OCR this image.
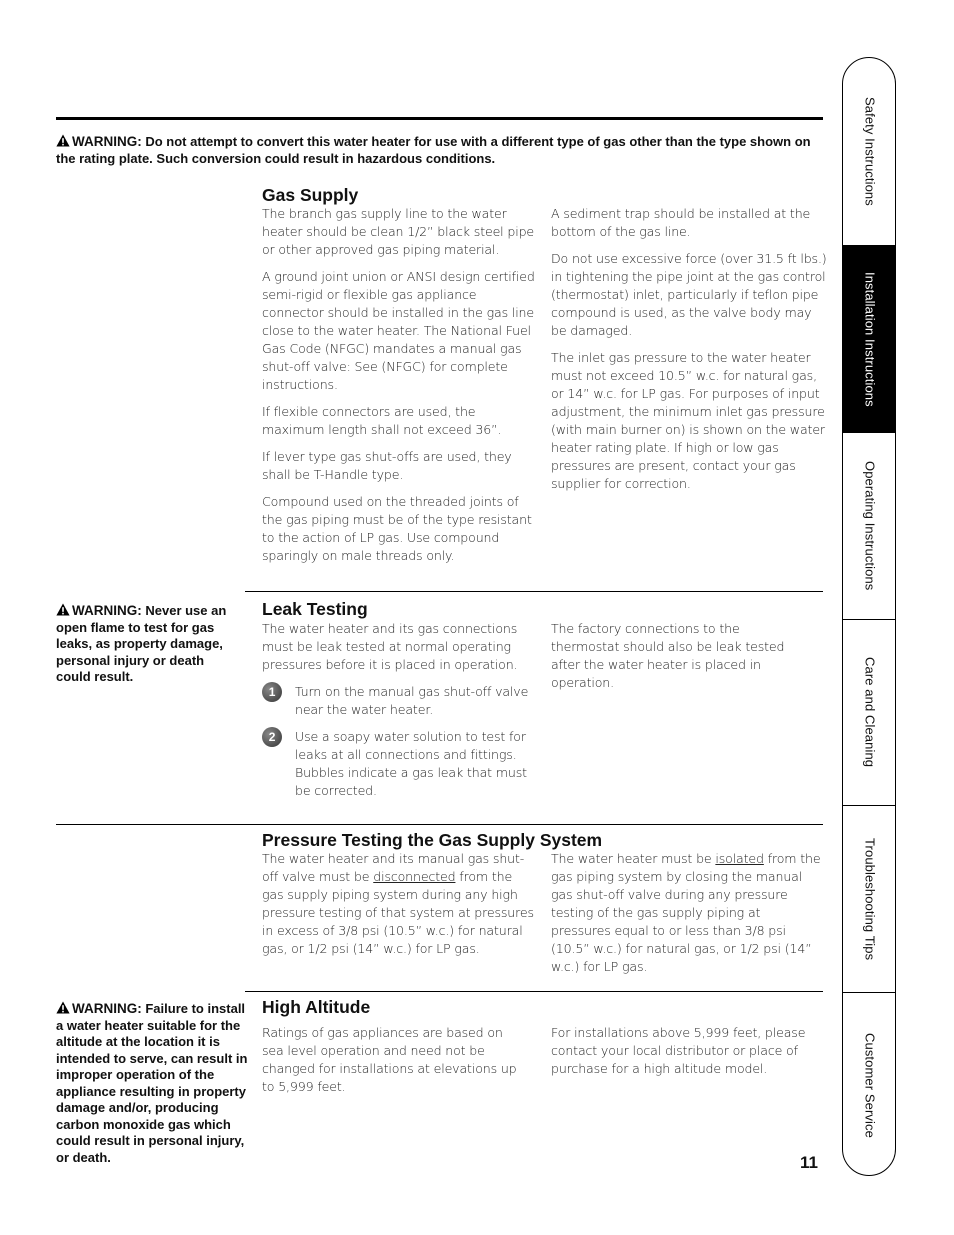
WARNING: Do not attempt to convert this water heater for use with a different type of gas other than the type shown on the rating plate. Such conversion could result in hazardous conditions.
Gas Supply

The branch gas supply line to the water heater should be clean 1/2” black steel pipe or other approved gas piping material.

A ground joint union or ANSI design certified semi-rigid or flexible gas appliance connector should be installed in the gas line close to the water heater. The National Fuel Gas Code (NFGC) mandates a manual gas shut-off valve: See (NFGC) for complete instructions.

If flexible connectors are used, the maximum length shall not exceed 36”.

If lever type gas shut-offs are used, they shall be T-Handle type.

Compound used on the threaded joints of the gas piping must be of the type resistant to the action of LP gas. Use compound sparingly on male threads only.

A sediment trap should be installed at the bottom of the gas line.

Do not use excessive force (over 31.5 ft lbs.) in tightening the pipe joint at the gas control (thermostat) inlet, particularly if teflon pipe compound is used, as the valve body may be damaged.

The inlet gas pressure to the water heater must not exceed 10.5” w.c. for natural gas, or 14” w.c. for LP gas. For purposes of input adjustment, the minimum inlet gas pressure (with main burner on) is shown on the water heater rating plate. If high or low gas pressures are present, contact your gas supplier for correction.

WARNING: Never use an open flame to test for gas leaks, as property damage, personal injury or death could result.
Leak Testing

The water heater and its gas connections must be leak tested at normal operating pressures before it is placed in operation.

1	Turn on the manual gas shut-off valve near the water heater.
2	Use a soapy water solution to test for leaks at all connections and fittings. Bubbles indicate a gas leak that must be corrected.

The factory connections to the thermostat should also be leak tested after the water heater is placed in operation.

Pressure Testing the Gas Supply System

The water heater and its manual gas shut-off valve must be disconnected from the gas supply piping system during any high pressure testing of that system at pressures in excess of 3/8 psi (10.5” w.c.) for natural gas, or 1/2 psi (14” w.c.) for LP gas.

The water heater must be isolated from the gas piping system by closing the manual gas shut-off valve during any pressure testing of the gas supply piping at pressures equal to or less than 3/8 psi (10.5” w.c.) for natural gas, or 1/2 psi (14” w.c.) for LP gas.

WARNING: Failure to install a water heater suitable for the altitude at the location it is intended to serve, can result in improper operation of the appliance resulting in property damage and/or, producing carbon monoxide gas which could result in personal injury, or death.
High Altitude

Ratings of gas appliances are based on sea level operation and need not be changed for installations at elevations up to 5,999 feet.

For installations above 5,999 feet, please contact your local distributor or place of purchase for a high altitude model.

11
Safety Instructions
Installation Instructions
Operating Instructions
Care and Cleaning
Troubleshooting Tips
Customer Service
